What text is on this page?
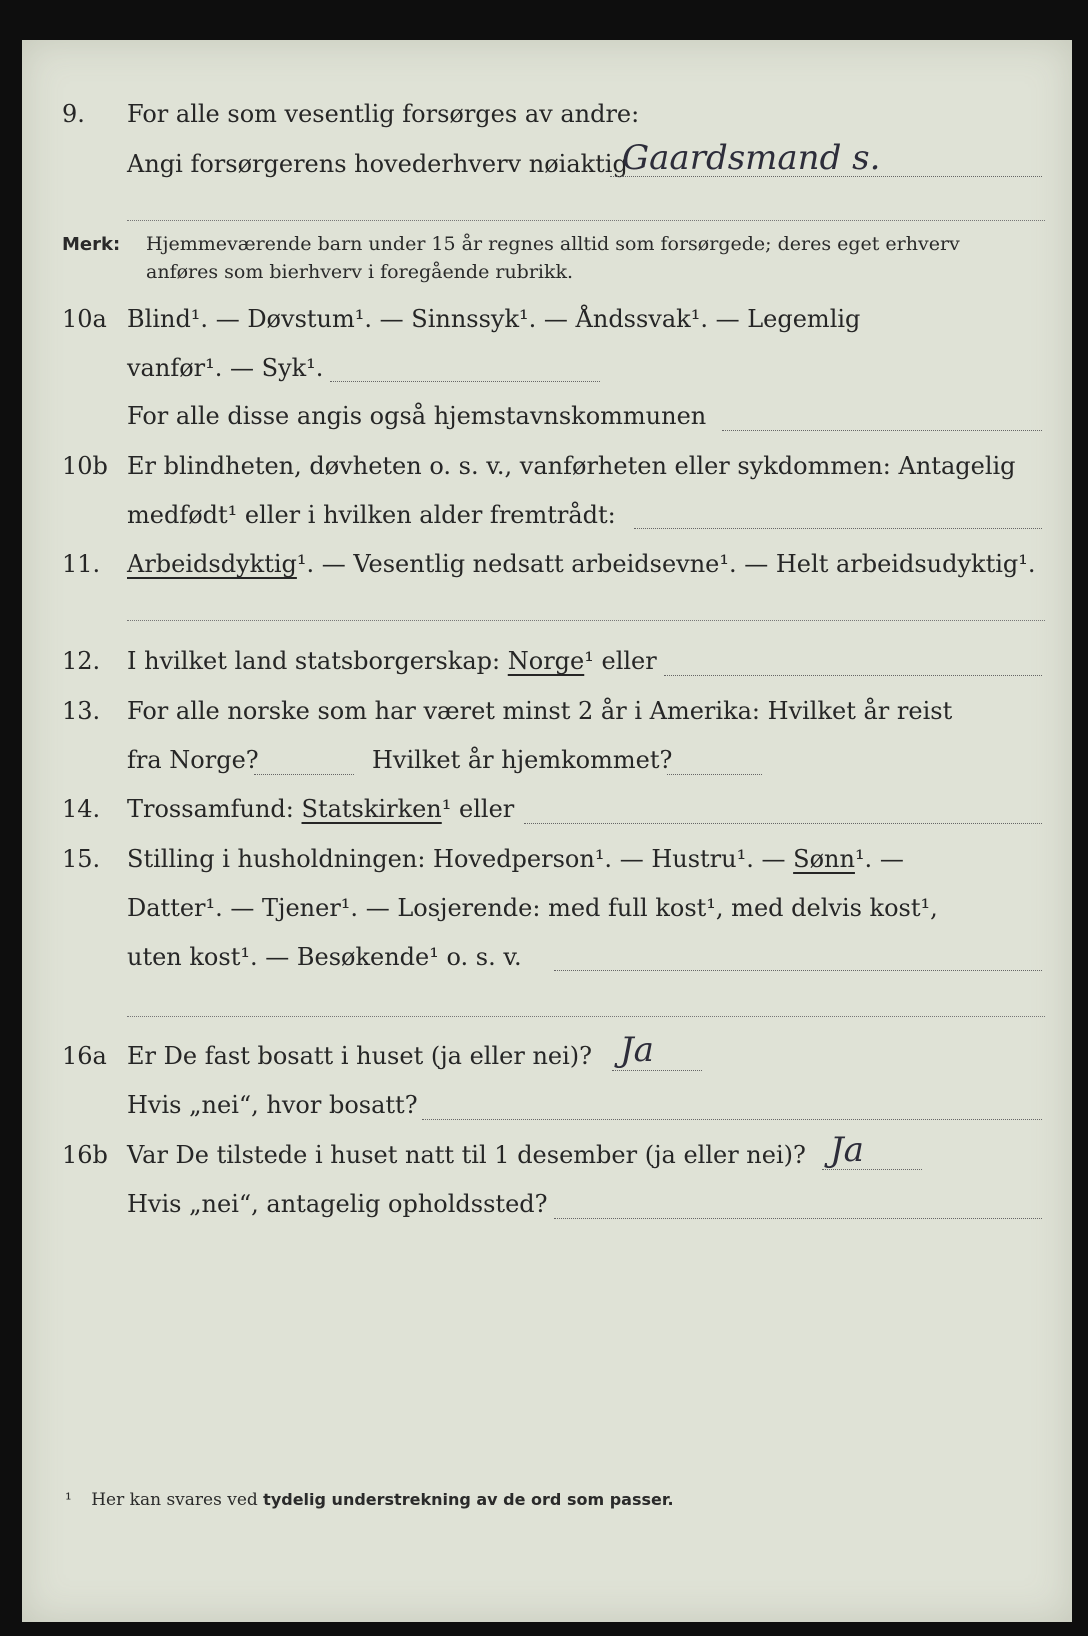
9. For alle som vesentlig forsørges av andre:
Angi forsørgerens hovederhverv nøiaktig
Gaardsmand s.
Merk: Hjemmeværende barn under 15 år regnes alltid som forsørgede; deres eget erhverv
anføres som bierhverv i foregående rubrikk.
10a Blind¹. — Døvstum¹. — Sinnssyk¹. — Åndssvak¹. — Legemlig
vanfør¹. — Syk¹.
For alle disse angis også hjemstavnskommunen
10b Er blindheten, døvheten o. s. v., vanførheten eller sykdommen: Antagelig
medfødt¹ eller i hvilken alder fremtrådt:
11. Arbeidsdyktig¹. — Vesentlig nedsatt arbeidsevne¹. — Helt arbeidsudyktig¹.
12. I hvilket land statsborgerskap: Norge¹ eller
13. For alle norske som har været minst 2 år i Amerika: Hvilket år reist
fra Norge?	Hvilket år hjemkommet?
14. Trossamfund: Statskirken¹ eller
15. Stilling i husholdningen: Hovedperson¹. — Hustru¹. — Sønn¹. —
Datter¹. — Tjener¹. — Losjerende: med full kost¹, med delvis kost¹,
uten kost¹. — Besøkende¹ o. s. v.
16a Er De fast bosatt i huset (ja eller nei)? Ja
Hvis „nei“, hvor bosatt?
16b Var De tilstede i huset natt til 1 desember (ja eller nei)? Ja
Hvis „nei“, antagelig opholdssted?
¹ Her kan svares ved tydelig understrekning av de ord som passer.
